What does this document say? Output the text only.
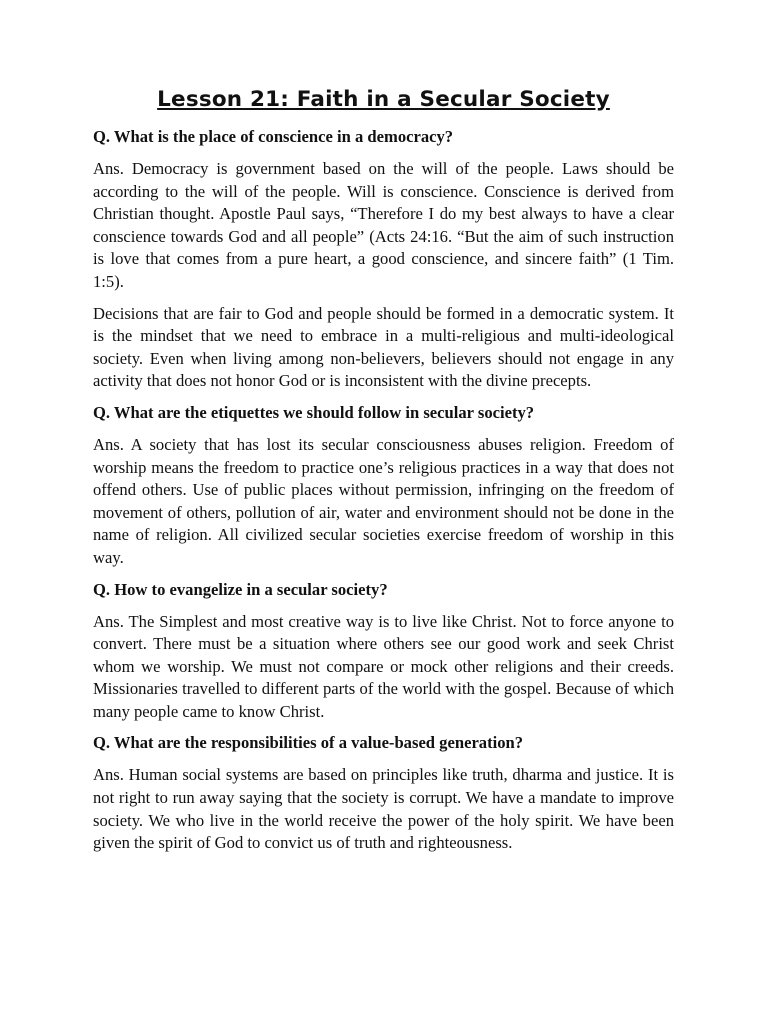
Lesson 21: Faith in a Secular Society
Q. What is the place of conscience in a democracy?

Ans. Democracy is government based on the will of the people. Laws should be according to the will of the people. Will is conscience. Conscience is derived from Christian thought. Apostle Paul says, “Therefore I do my best always to have a clear conscience towards God and all people” (Acts 24:16. “But the aim of such instruction is love that comes from a pure heart, a good conscience, and sincere faith” (1 Tim. 1:5).

Decisions that are fair to God and people should be formed in a democratic system. It is the mindset that we need to embrace in a multi-religious and multi-ideological society. Even when living among non-believers, believers should not engage in any activity that does not honor God or is inconsistent with the divine precepts.

Q. What are the etiquettes we should follow in secular society?

Ans. A society that has lost its secular consciousness abuses religion. Freedom of worship means the freedom to practice one’s religious practices in a way that does not offend others. Use of public places without permission, infringing on the freedom of movement of others, pollution of air, water and environment should not be done in the name of religion. All civilized secular societies exercise freedom of worship in this way.

Q. How to evangelize in a secular society?

Ans. The Simplest and most creative way is to live like Christ. Not to force anyone to convert. There must be a situation where others see our good work and seek Christ whom we worship. We must not compare or mock other religions and their creeds. Missionaries travelled to different parts of the world with the gospel. Because of which many people came to know Christ.

Q. What are the responsibilities of a value-based generation?

Ans. Human social systems are based on principles like truth, dharma and justice. It is not right to run away saying that the society is corrupt. We have a mandate to improve society. We who live in the world receive the power of the holy spirit. We have been given the spirit of God to convict us of truth and righteousness.
